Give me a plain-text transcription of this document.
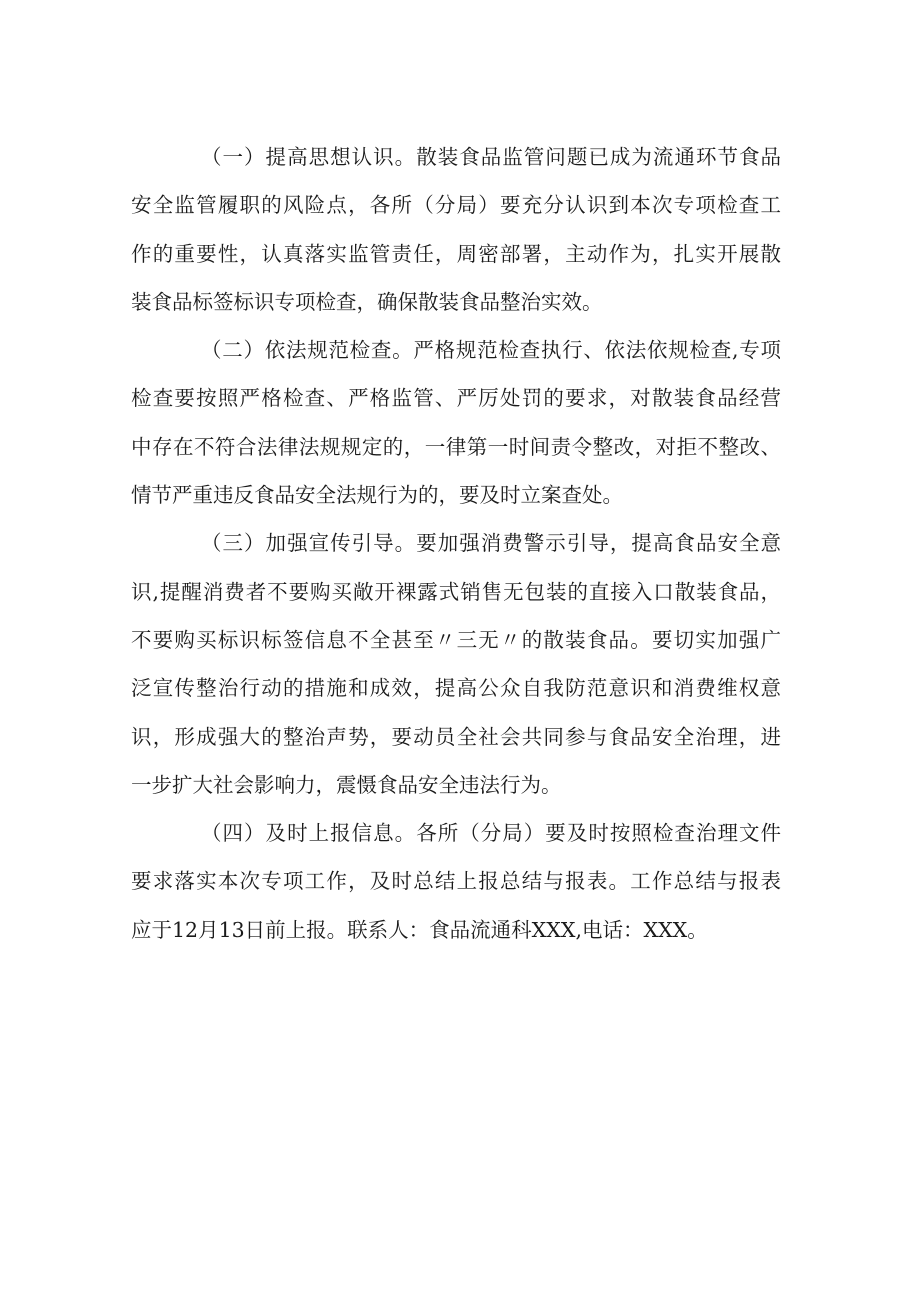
（一）提高思想认识。散装食品监管问题已成为流通环节食品
安全监管履职的风险点，各所（分局）要充分认识到本次专项检查工
作的重要性，认真落实监管责任，周密部署，主动作为，扎实开展散
装食品标签标识专项检查，确保散装食品整治实效。
（二）依法规范检查。严格规范检查执行、依法依规检查,专项
检查要按照严格检查、严格监管、严厉处罚的要求，对散装食品经营
中存在不符合法律法规规定的，一律第一时间责令整改，对拒不整改、
情节严重违反食品安全法规行为的，要及时立案查处。
（三）加强宣传引导。要加强消费警示引导，提高食品安全意
识,提醒消费者不要购买敞开裸露式销售无包装的直接入口散装食品，
不要购买标识标签信息不全甚至〃三无〃的散装食品。要切实加强广
泛宣传整治行动的措施和成效，提高公众自我防范意识和消费维权意
识，形成强大的整治声势，要动员全社会共同参与食品安全治理，进
一步扩大社会影响力，震慑食品安全违法行为。
（四）及时上报信息。各所（分局）要及时按照检查治理文件
要求落实本次专项工作，及时总结上报总结与报表。工作总结与报表
应于12月13日前上报。联系人：食品流通科XXX,电话：XXX。
